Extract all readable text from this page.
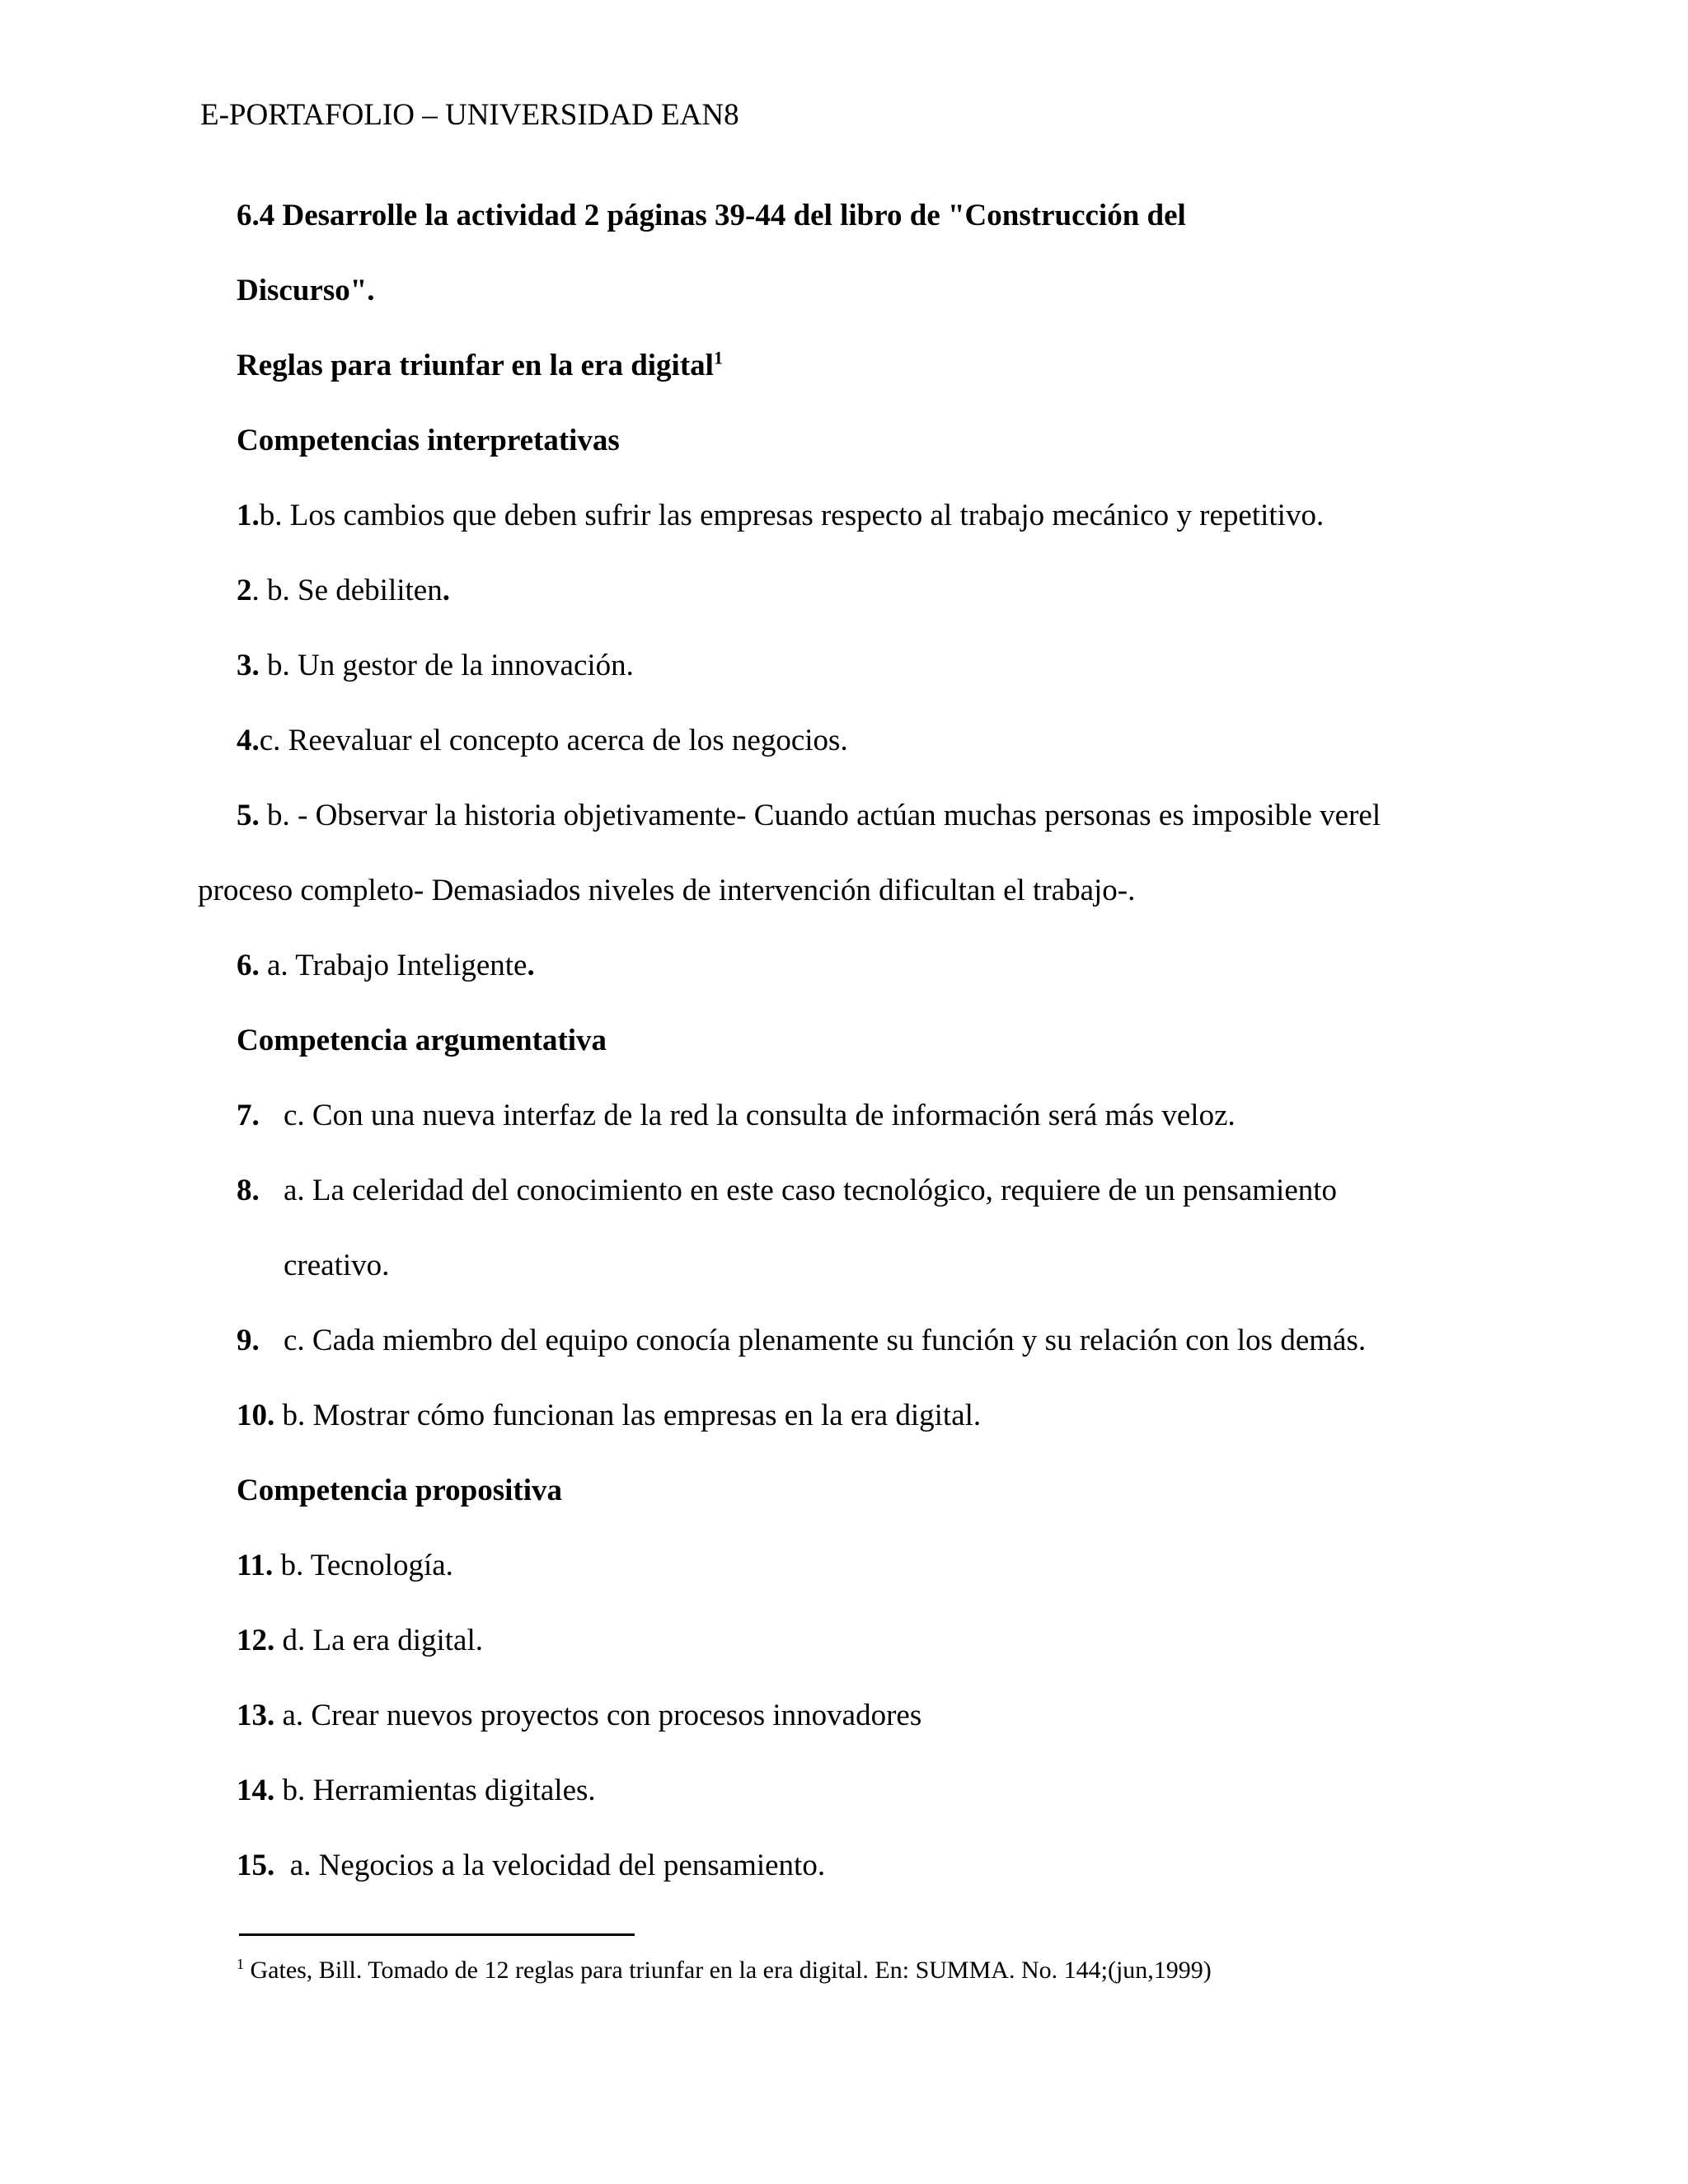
E-PORTAFOLIO – UNIVERSIDAD EAN8
6.4 Desarrolle la actividad 2 páginas 39-44 del libro de "Construcción del
Discurso".
Reglas para triunfar en la era digital$^1$
Competencias interpretativas
1.b. Los cambios que deben sufrir las empresas respecto al trabajo mecánico y repetitivo.
2. b. Se debiliten.
3. b. Un gestor de la innovación.
4.c. Reevaluar el concepto acerca de los negocios.
5. b. - Observar la historia objetivamente- Cuando actúan muchas personas es imposible verel
proceso completo- Demasiados niveles de intervención dificultan el trabajo-.
6. a. Trabajo Inteligente.
Competencia argumentativa
7. c. Con una nueva interfaz de la red la consulta de información será más veloz.
8. a. La celeridad del conocimiento en este caso tecnológico, requiere de un pensamiento
creativo.
9. c. Cada miembro del equipo conocía plenamente su función y su relación con los demás.
10. b. Mostrar cómo funcionan las empresas en la era digital.
Competencia propositiva
11. b. Tecnología.
12. d. La era digital.
13. a. Crear nuevos proyectos con procesos innovadores
14. b. Herramientas digitales.
15.  a. Negocios a la velocidad del pensamiento.
$^1$ Gates, Bill. Tomado de 12 reglas para triunfar en la era digital. En: SUMMA. No. 144;(jun,1999)
